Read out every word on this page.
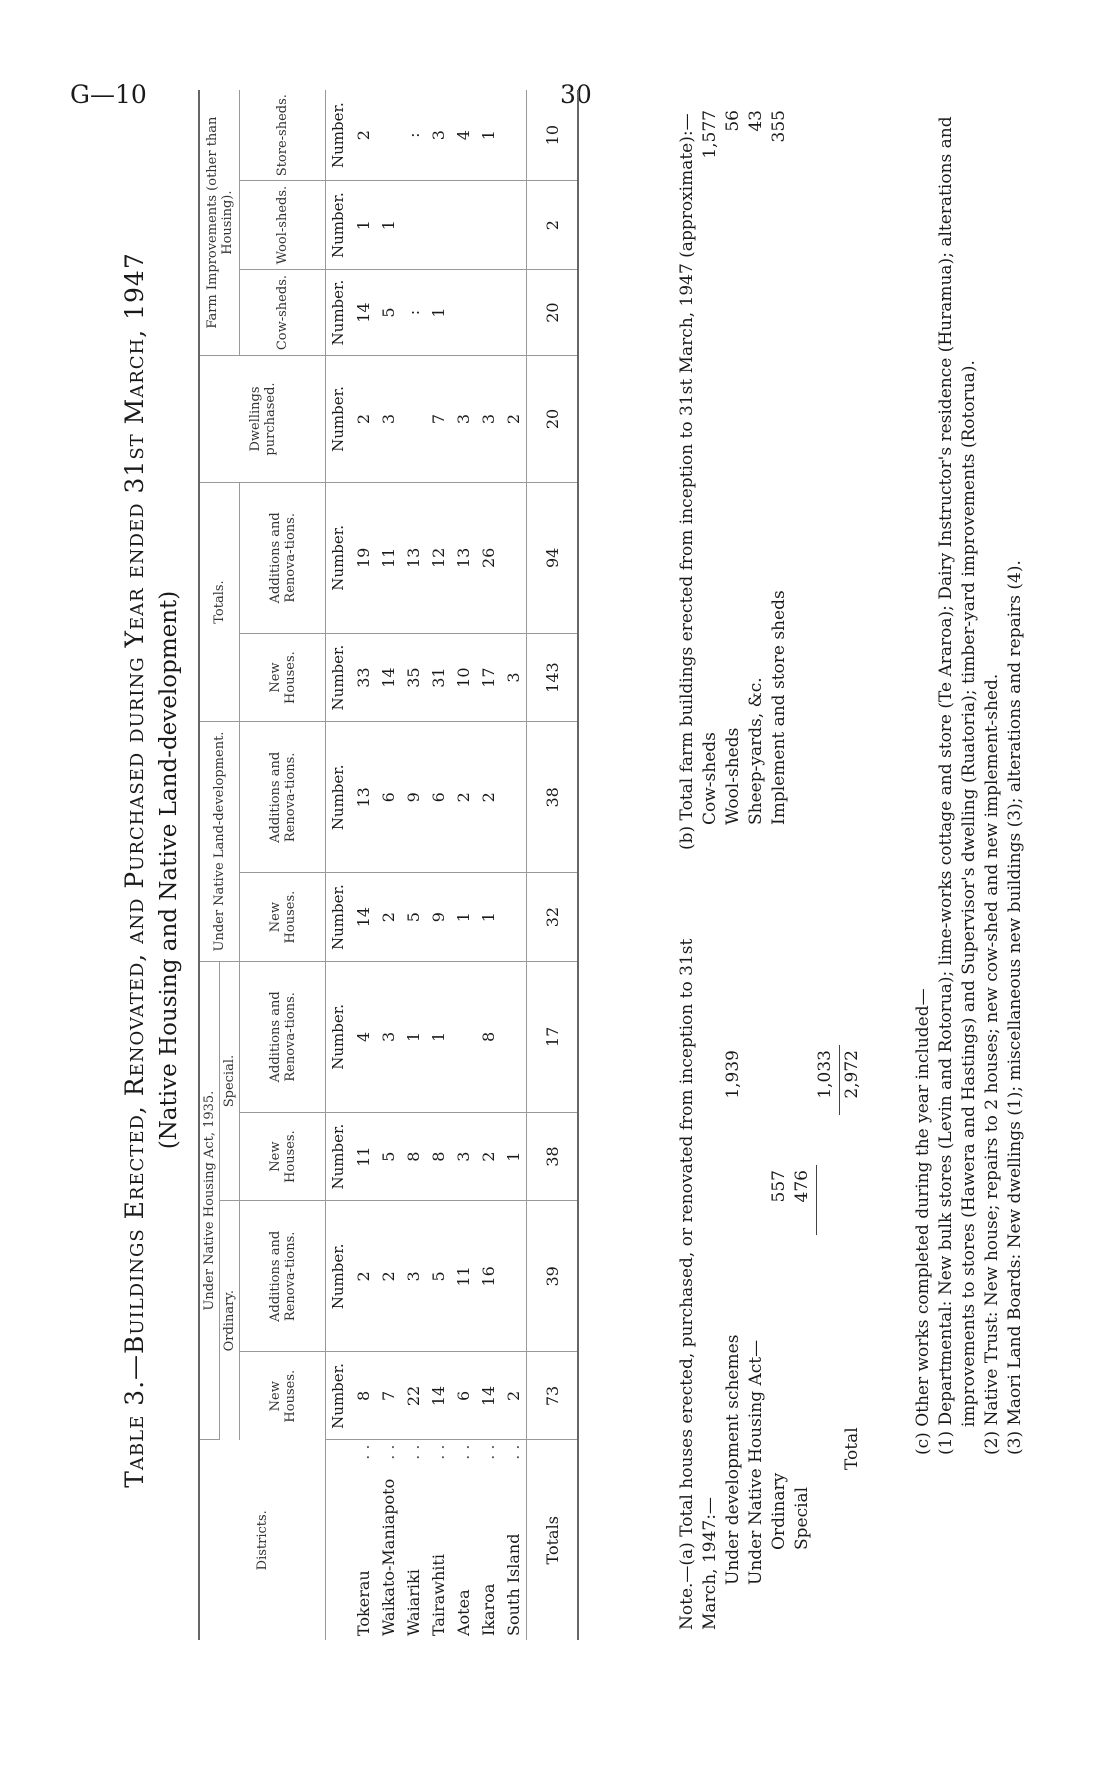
G—10	30
Table 3.—Buildings Erected, Renovated, and Purchased during Year ended 31st March, 1947 (Native Housing and Native Land-development)
Districts.	Under Native Housing Act, 1935.				Under Native Land-development.		Totals.		Dwellings purchased.	Farm Improvements (other than Housing).		
	Ordinary.		Special.									
	New Houses.	Additions and Renova-tions.	New Houses.	Additions and Renova-tions.	New Houses.	Additions and Renova-tions.	New Houses.	Additions and Renova-tions.		Cow-sheds.	Wool-sheds.	Store-sheds.
	Number.	Number.	Number.	Number.	Number.	Number.	Number.	Number.	Number.	Number.	Number.	Number.
Tokerau
. .	8	2	11	4	14	13	33	19	2	14	1	2
Waikato-Maniapoto
. .	7	2	5	3	2	6	14	11	3	5	1	
Waiariki
. .	22	3	8	1	5	9	35	13		:		:
Tairawhiti
. .	14	5	8	1	9	6	31	12	7	1		3
Aotea
. .	6	11	3		1	2	10	13	3			4
Ikaroa
. .	14	16	2	8	1	2	17	26	3			1
South Island
. .	2		1				3		2			
Totals	73	39	38	17	32	38	143	94	20	20	2	10
Note.—(a) Total houses erected, purchased, or renovated from inception to 31st March, 1947:— Under development schemes
1,939
Under Native Housing Act— Ordinary
557
Special
476
1,033
Total
2,972
(b) Total farm buildings erected from inception to 31st March, 1947 (approximate):— Cow-sheds
1,577
Wool-sheds
56
Sheep-yards, &c.
43
Implement and store sheds
355
(c) Other works completed during the year included— (1) Departmental: New bulk stores (Levin and Rotorua); lime-works cottage and store (Te Araroa); Dairy Instructor's residence (Huramua); alterations and improvements to stores (Hawera and Hastings) and Supervisor's dwelling (Ruatoria); timber-yard improvements (Rotorua). (2) Native Trust: New house; repairs to 2 houses; new cow-shed and new implement-shed. (3) Maori Land Boards: New dwellings (1); miscellaneous new buildings (3); alterations and repairs (4).
